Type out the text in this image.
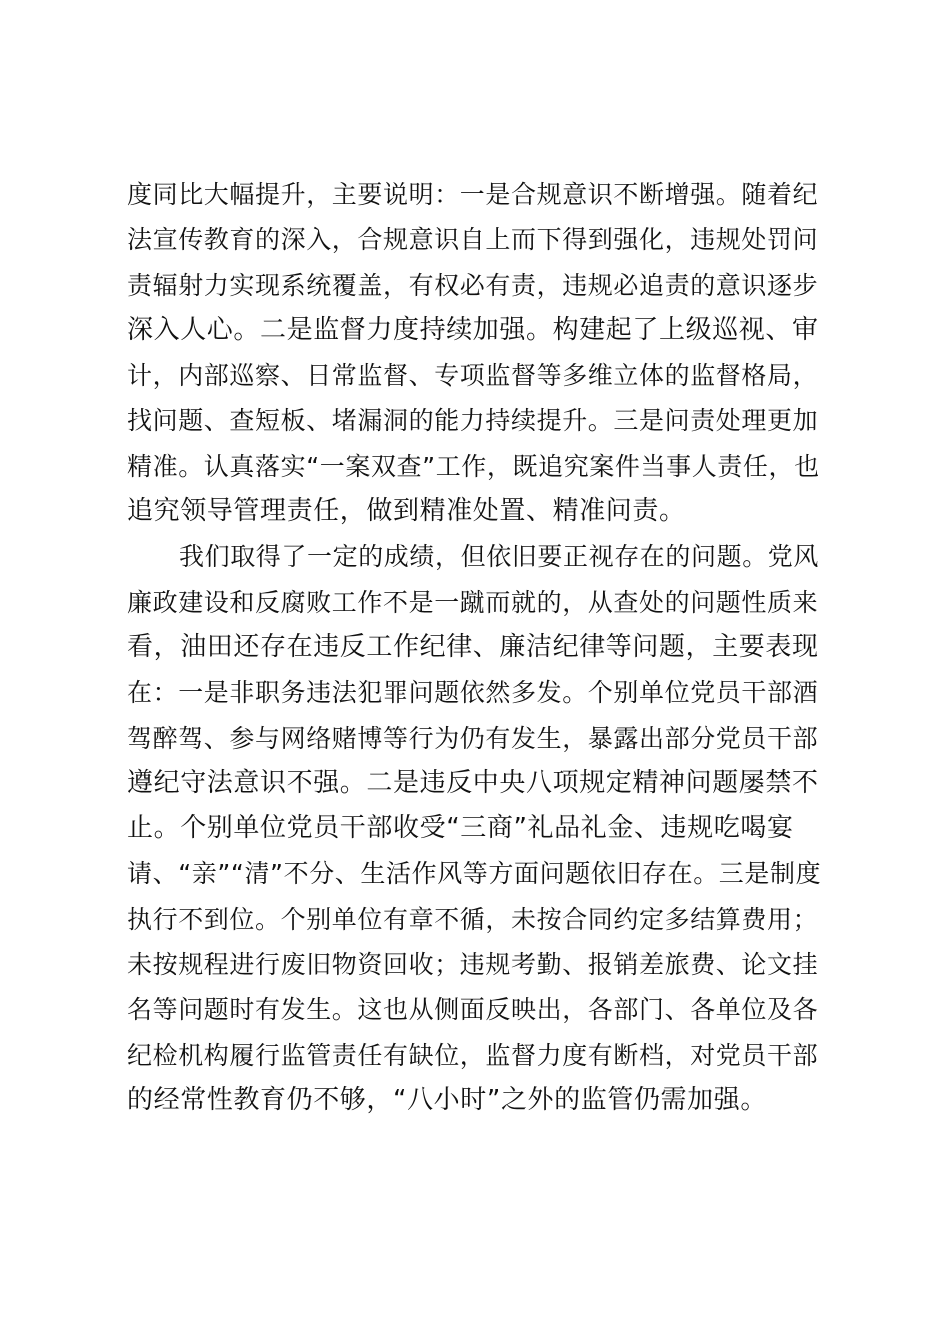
度同比大幅提升，主要说明：一是合规意识不断增强。随着纪
法宣传教育的深入，合规意识自上而下得到强化，违规处罚问
责辐射力实现系统覆盖，有权必有责，违规必追责的意识逐步
深入人心。二是监督力度持续加强。构建起了上级巡视、审
计，内部巡察、日常监督、专项监督等多维立体的监督格局，
找问题、查短板、堵漏洞的能力持续提升。三是问责处理更加
精准。认真落实“一案双查”工作，既追究案件当事人责任，也
追究领导管理责任，做到精准处置、精准问责。

我们取得了一定的成绩，但依旧要正视存在的问题。党风
廉政建设和反腐败工作不是一蹴而就的，从查处的问题性质来
看，油田还存在违反工作纪律、廉洁纪律等问题，主要表现
在：一是非职务违法犯罪问题依然多发。个别单位党员干部酒
驾醉驾、参与网络赌博等行为仍有发生，暴露出部分党员干部
遵纪守法意识不强。二是违反中央八项规定精神问题屡禁不
止。个别单位党员干部收受“三商”礼品礼金、违规吃喝宴
请、“亲”“清”不分、生活作风等方面问题依旧存在。三是制度
执行不到位。个别单位有章不循，未按合同约定多结算费用；
未按规程进行废旧物资回收；违规考勤、报销差旅费、论文挂
名等问题时有发生。这也从侧面反映出，各部门、各单位及各
纪检机构履行监管责任有缺位，监督力度有断档，对党员干部
的经常性教育仍不够，“八小时”之外的监管仍需加强。
